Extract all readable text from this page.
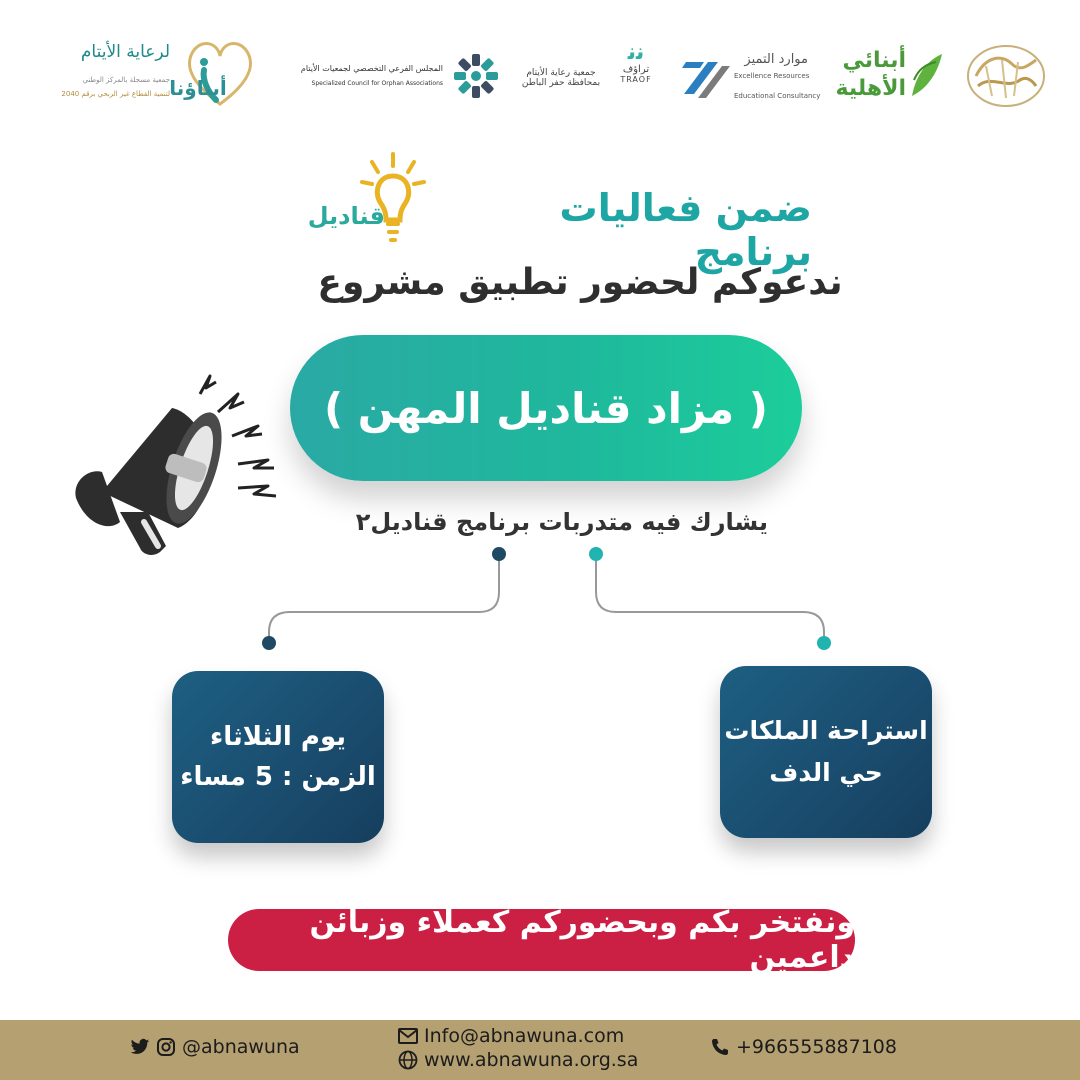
أبناؤنا
لرعاية الأيتام
جمعية مسجلة بالمركز الوطني
لتنمية القطاع غير الربحي برقم 2040
المجلس الفرعي التخصصي لجمعيات الأيتام
Specialized Council for Orphan Associations
جمعية رعاية الأيتام
بمحافظة حفر الباطن
ﻧﻧ
تراؤف
TRAOF
موارد التميز
Excellence Resources
Educational Consultancy
أبنائي
الأهلية
ضمن فعاليات برنامج
قناديل
ندعوكم لحضور تطبيق مشروع
( مزاد قناديل المهن )
يشارك فيه متدربات برنامج قناديل٢
يوم الثلاثاء
الزمن : 5 مساء
استراحة الملكات
حي الدف
ونفتخر بكم وبحضوركم كعملاء وزبائن داعمين
@abnawuna	Info@abnawuna.com
www.abnawuna.org.sa
+966555887108
